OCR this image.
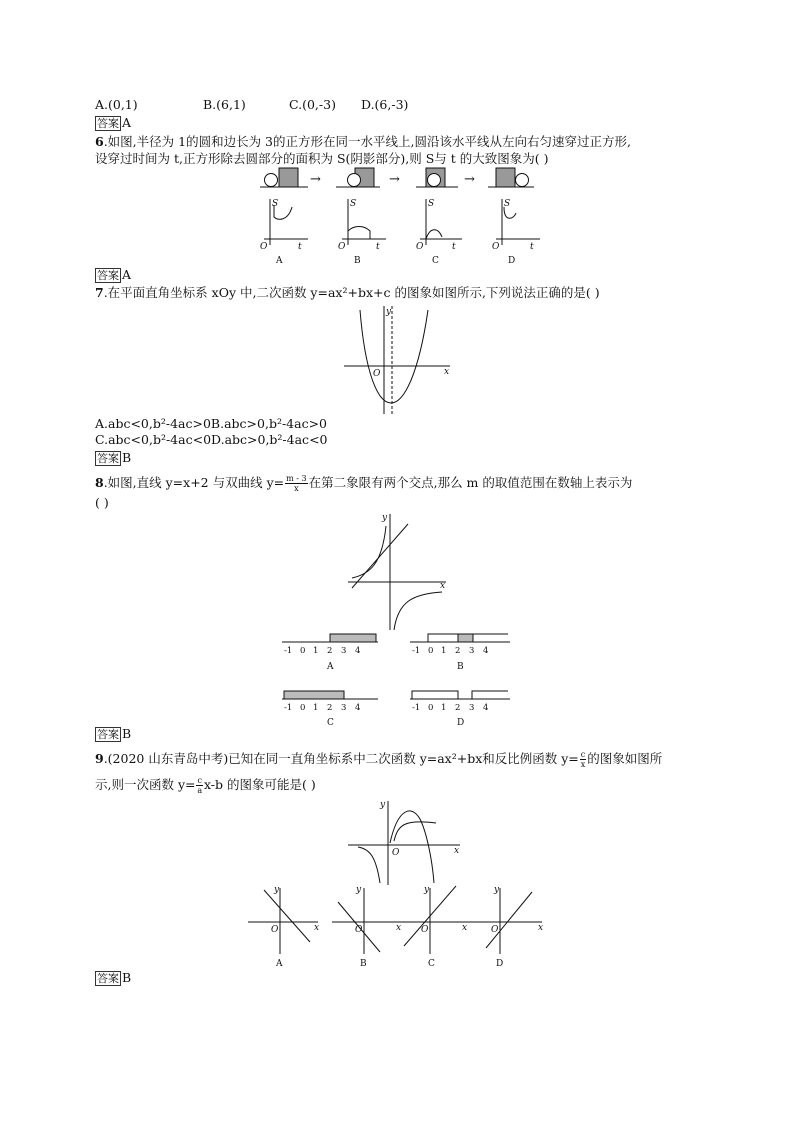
A.(0,1)	B.(6,1)	C.(0,-3) D.(6,-3)
答案 A
6.如图,半径为 1的圆和边长为 3的正方形在同一水平线上,圆沿该水平线从左向右匀速穿过正方形,
设穿过时间为 t,正方形除去圆部分的面积为 S(阴影部分),则 S与 t 的大致图象为( )
→	→	→
S
t
O
S
t
O
S
t
O
S
t
O
A	B	C	D
答案 A
7.在平面直角坐标系 xOy 中,二次函数 y=ax²+bx+c 的图象如图所示,下列说法正确的是( )
y
x
O
A.abc<0,b²-4ac>0B.abc>0,b²-4ac>0
C.abc<0,b²-4ac<0D.abc>0,b²-4ac<0
答案 B
8.如图,直线 y=x+2 与双曲线 $y= \frac{m - 3}{x}$ 在第二象限有两个交点,那么 m 的取值范围在数轴上表示为
( )
y
x
-1 0 1 2 3 4	-1 0 1 2 3 4
-1 0 1 2 3 4	-1 0 1 2 3 4
A	B
C	D
答案 B
9.(2020 山东青岛中考)已知在同一直角坐标系中二次函数 y=ax²+bx和反比例函数 $y= \frac{c}{x}$ 的图象如图所
示,则一次函数 $y= \frac{c}{a} x-b$ 的图象可能是( )
y
x
O
y
x
O
y
x
O
y
x
O
y
x
O
A	B	C	D
答案 B
